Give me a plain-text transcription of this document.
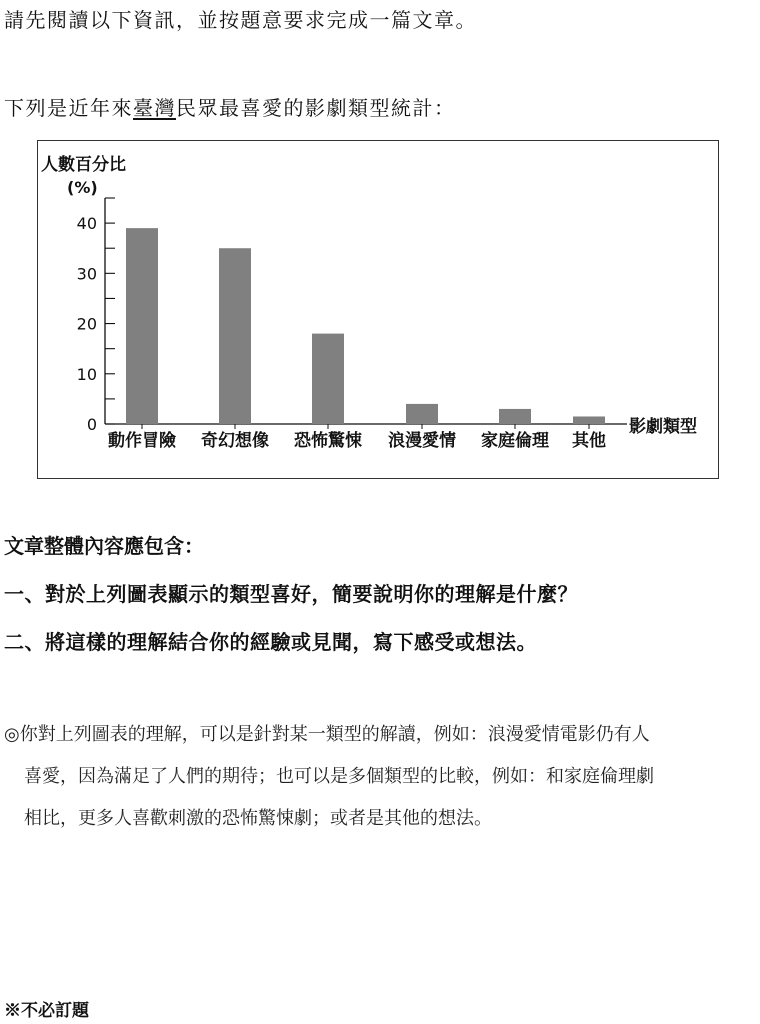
請先閱讀以下資訊，並按題意要求完成一篇文章。
下列是近年來臺灣民眾最喜愛的影劇類型統計：
人數百分比
(%)
影劇類型
0
10
20
30
40
動作冒險 奇幻想像 恐怖驚悚 浪漫愛情 家庭倫理 其他
文章整體內容應包含：
一、對於上列圖表顯示的類型喜好，簡要說明你的理解是什麼？
二、將這樣的理解結合你的經驗或見聞，寫下感受或想法。
◎你對上列圖表的理解，可以是針對某一類型的解讀，例如：浪漫愛情電影仍有人
喜愛，因為滿足了人們的期待；也可以是多個類型的比較，例如：和家庭倫理劇
相比，更多人喜歡刺激的恐怖驚悚劇；或者是其他的想法。
※不必訂題
